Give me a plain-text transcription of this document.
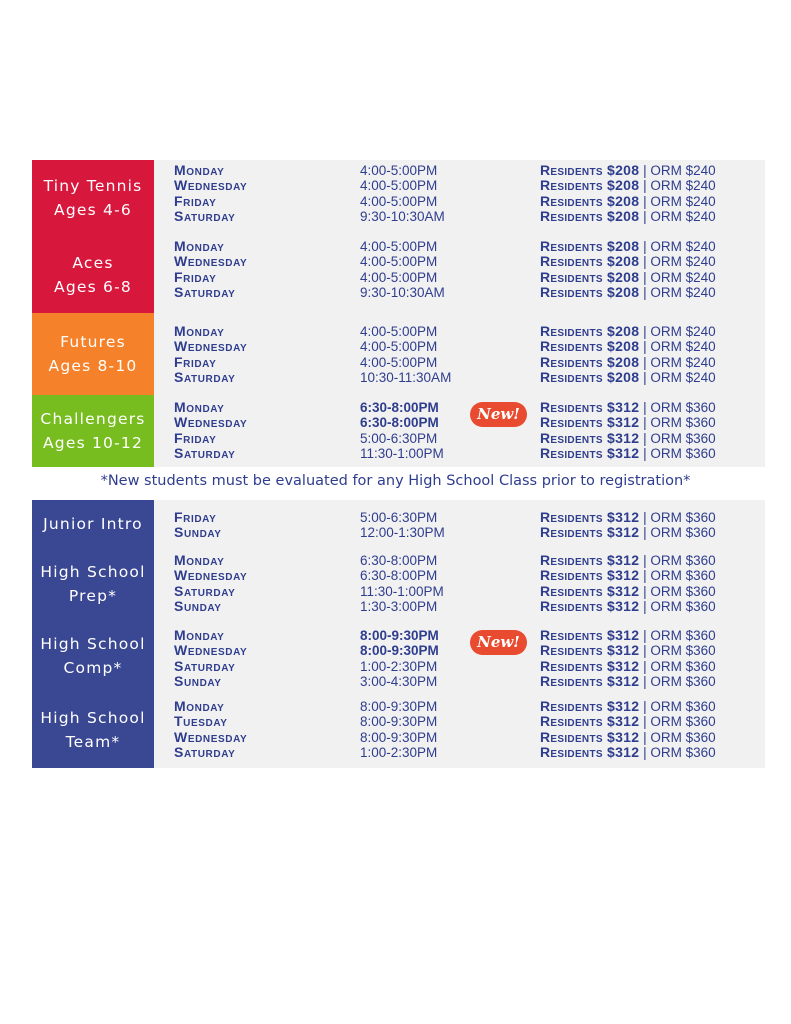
Tiny Tennis
Ages 4-6
Monday	4:00-5:00PM	Residents $208 | ORM $240
Wednesday	4:00-5:00PM	Residents $208 | ORM $240
Friday	4:00-5:00PM	Residents $208 | ORM $240
Saturday	9:30-10:30AM	Residents $208 | ORM $240
Aces
Ages 6-8
Monday	4:00-5:00PM	Residents $208 | ORM $240
Wednesday	4:00-5:00PM	Residents $208 | ORM $240
Friday	4:00-5:00PM	Residents $208 | ORM $240
Saturday	9:30-10:30AM	Residents $208 | ORM $240
Futures
Ages 8-10
Monday	4:00-5:00PM	Residents $208 | ORM $240
Wednesday	4:00-5:00PM	Residents $208 | ORM $240
Friday	4:00-5:00PM	Residents $208 | ORM $240
Saturday	10:30-11:30AM	Residents $208 | ORM $240
Challengers
Ages 10-12
Monday	6:30-8:00PM	Residents $312 | ORM $360
Wednesday	6:30-8:00PM	Residents $312 | ORM $360
Friday	5:00-6:30PM	Residents $312 | ORM $360
Saturday	11:30-1:00PM	Residents $312 | ORM $360
New!
*New students must be evaluated for any High School Class prior to registration*
Junior Intro Friday	5:00-6:30PM	Residents $312 | ORM $360
Sunday	12:00-1:30PM	Residents $312 | ORM $360
High School
Prep*
Monday	6:30-8:00PM	Residents $312 | ORM $360
Wednesday	6:30-8:00PM	Residents $312 | ORM $360
Saturday	11:30-1:00PM	Residents $312 | ORM $360
Sunday	1:30-3:00PM	Residents $312 | ORM $360
High School
Comp*
Monday	8:00-9:30PM	Residents $312 | ORM $360
Wednesday	8:00-9:30PM	Residents $312 | ORM $360
Saturday	1:00-2:30PM	Residents $312 | ORM $360
Sunday	3:00-4:30PM	Residents $312 | ORM $360
New!
High School
Team*
Monday	8:00-9:30PM	Residents $312 | ORM $360
Tuesday	8:00-9:30PM	Residents $312 | ORM $360
Wednesday	8:00-9:30PM	Residents $312 | ORM $360
Saturday	1:00-2:30PM	Residents $312 | ORM $360
